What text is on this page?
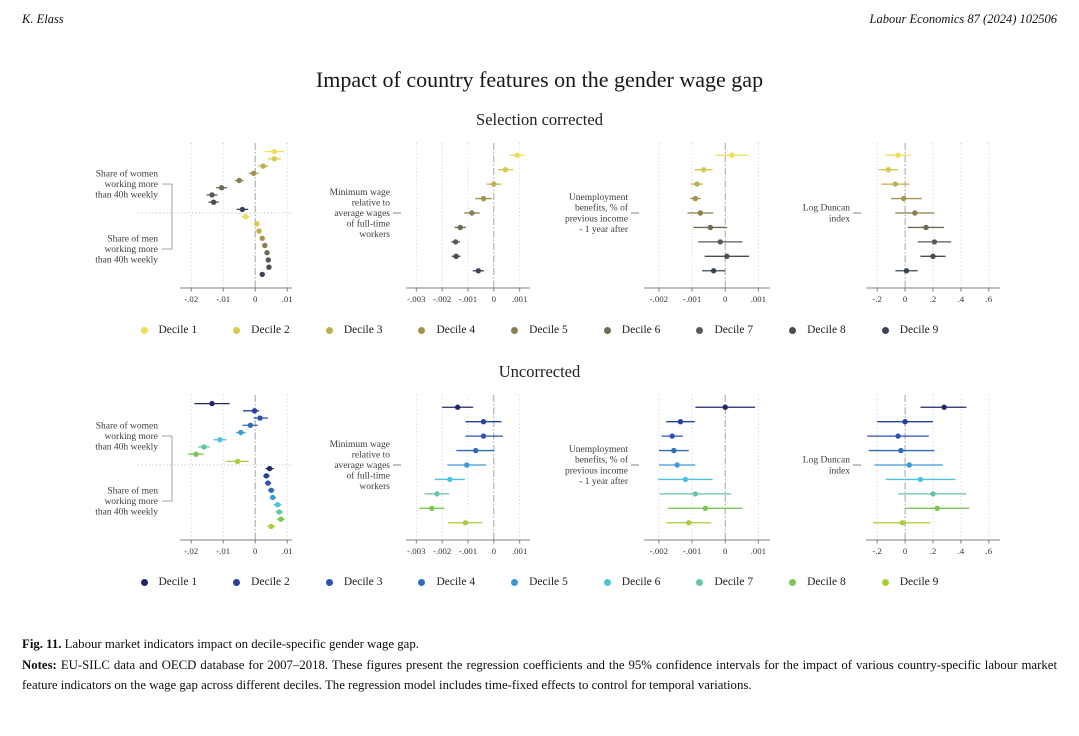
K. Elass	Labour Economics 87 (2024) 102506
Impact of country features on the gender wage gap
Selection corrected
-.02 -.01	0	.01
Share of women
working more
than 40h weekly
Share of men
working more
than 40h weekly
-.003 -.002 -.001 0 .001
Minimum wage
relative to
average wages
of full-time
workers
-.002 -.001 0	.001
Unemployment
benefits, % of
previous income
- 1 year after
-.2 0	.2 .4 .6
Log Duncan
index
Decile 1	Decile 2	Decile 3	Decile 4	Decile 5	Decile 6	Decile 7	Decile 8	Decile 9
Uncorrected
-.02 -.01	0	.01
Share of women
working more
than 40h weekly
Share of men
working more
than 40h weekly
-.003 -.002 -.001 0 .001
Minimum wage
relative to
average wages
of full-time
workers
-.002 -.001 0	.001
Unemployment
benefits, % of
previous income
- 1 year after
-.2 0	.2 .4 .6
Log Duncan
index
Decile 1	Decile 2	Decile 3	Decile 4	Decile 5	Decile 6	Decile 7	Decile 8	Decile 9

Fig. 11. Labour market indicators impact on decile-specific gender wage gap.

Notes: EU-SILC data and OECD database for 2007–2018. These figures present the regression coefficients and the 95% confidence intervals for the impact of various country-specific labour market feature indicators on the wage gap across different deciles. The regression model includes time-fixed effects to control for temporal variations.
